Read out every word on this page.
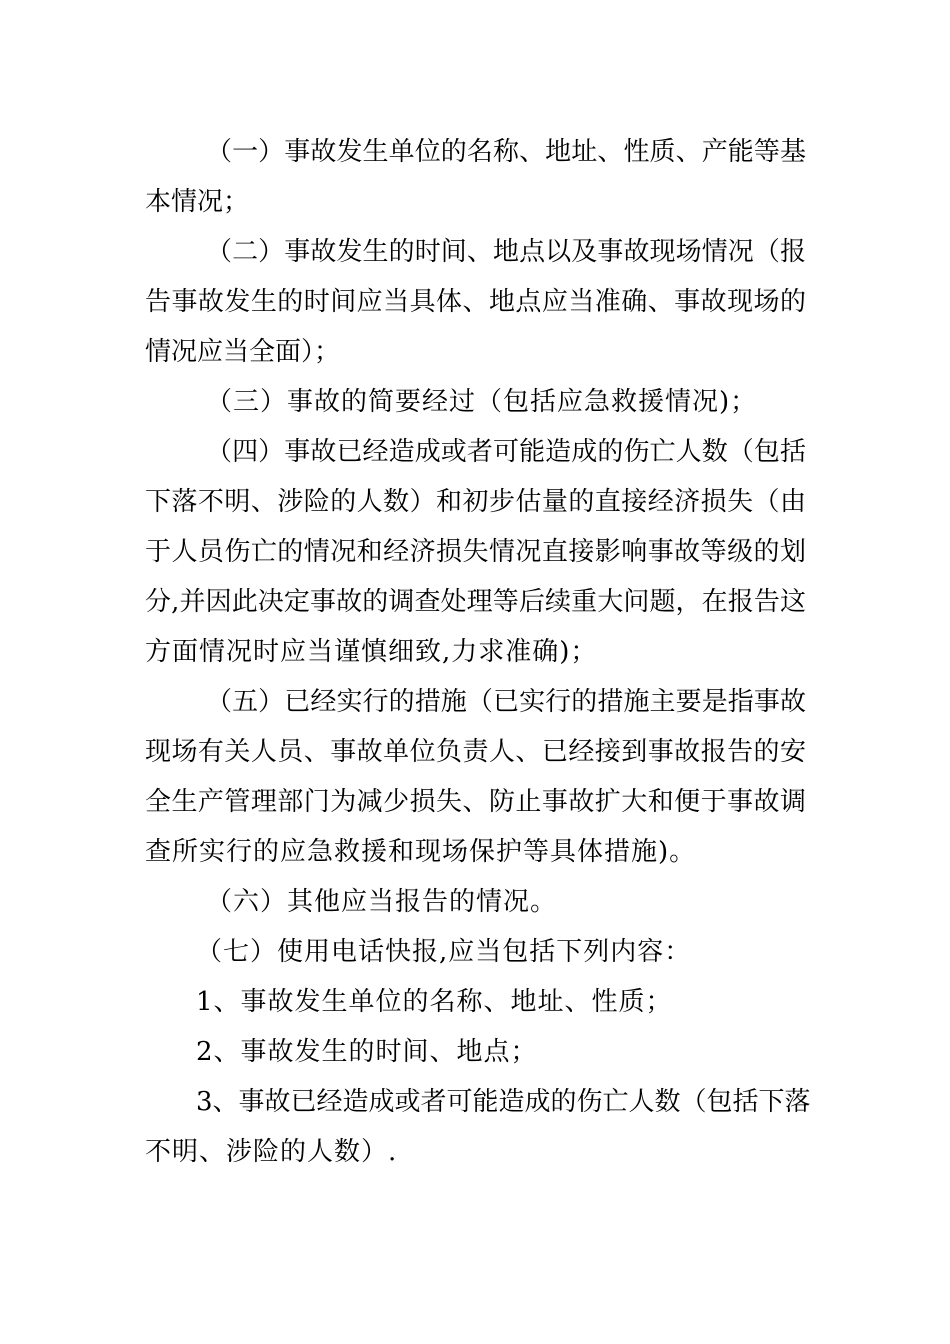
（一）事故发生单位的名称、地址、性质、产能等基
本情况；
（二）事故发生的时间、地点以及事故现场情况（报
告事故发生的时间应当具体、地点应当准确、事故现场的
情况应当全面）；
（三）事故的简要经过（包括应急救援情况)；
（四）事故已经造成或者可能造成的伤亡人数（包括
下落不明、涉险的人数）和初步估量的直接经济损失（由
于人员伤亡的情况和经济损失情况直接影响事故等级的划
分,并因此决定事故的调查处理等后续重大问题，在报告这
方面情况时应当谨慎细致,力求准确)；
（五）已经实行的措施（已实行的措施主要是指事故
现场有关人员、事故单位负责人、已经接到事故报告的安
全生产管理部门为减少损失、防止事故扩大和便于事故调
查所实行的应急救援和现场保护等具体措施)。
（六）其他应当报告的情况。
（七）使用电话快报,应当包括下列内容：
1、事故发生单位的名称、地址、性质；
2、事故发生的时间、地点；
3、事故已经造成或者可能造成的伤亡人数（包括下落
不明、涉险的人数）.
